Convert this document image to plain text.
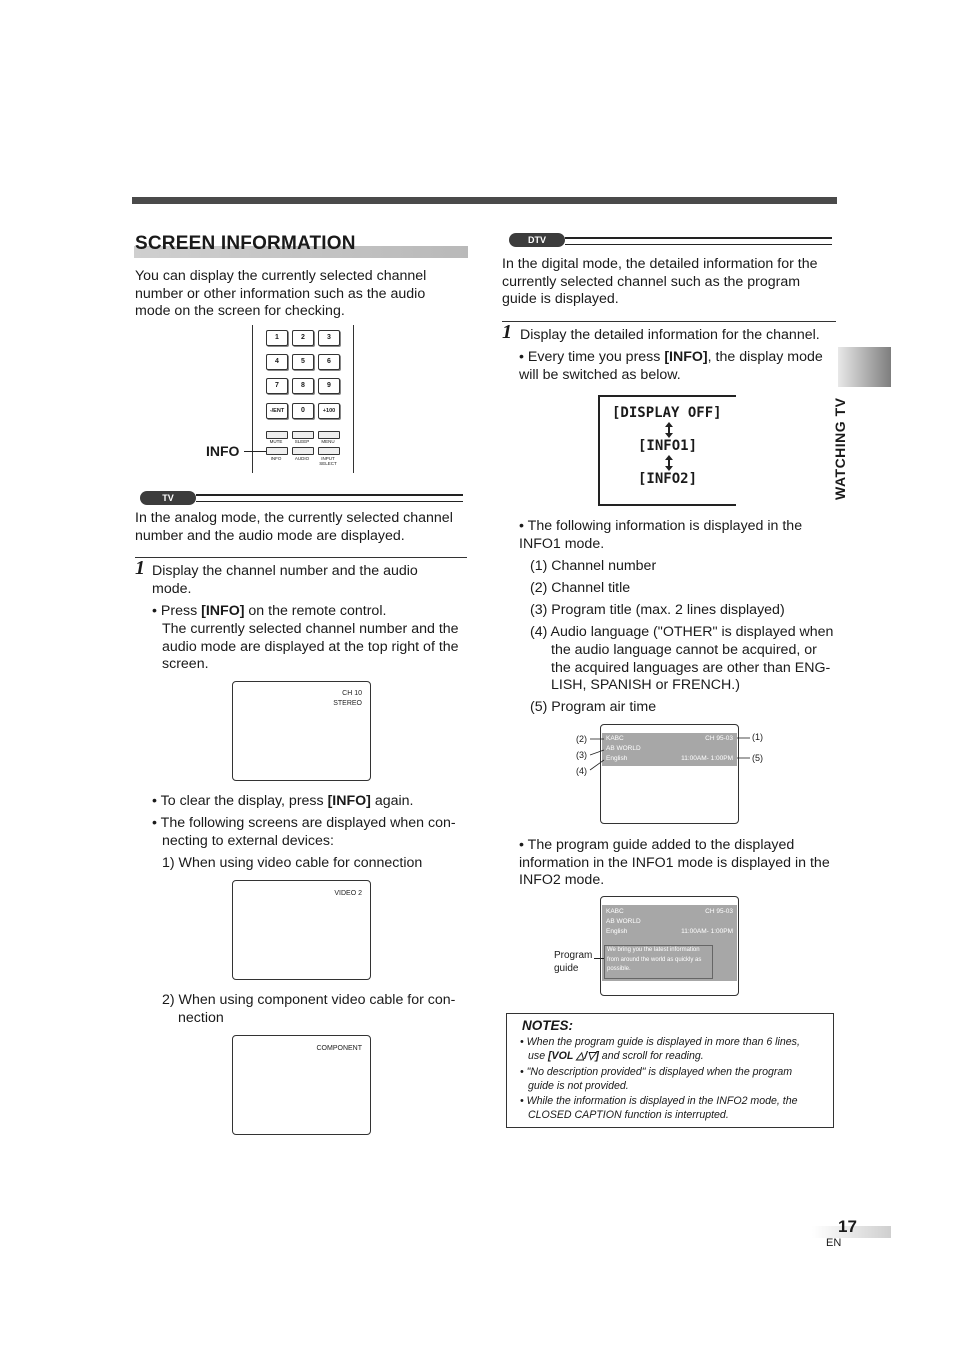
SCREEN INFORMATION

You can display the currently selected channel number or other information such as the audio mode on the screen for checking.

1	2	3
4	5	6
7	8	9
-/ENT	0	+100
MUTE	SLEEP	MENU
INFO	AUDIO	INPUT SELECT
INFO
TV

In the analog mode, the currently selected channel number and the audio mode are displayed.

1 Display the channel number and the audio mode.

• Press [INFO] on the remote control.

The currently selected channel number and the audio mode are displayed at the top right of the screen.

CH 10
STEREO

• To clear the display, press [INFO] again.

• The following screens are displayed when con-

necting to external devices:

1) When using video cable for connection

VIDEO 2

2) When using component video cable for con-

nection

COMPONENT
DTV

In the digital mode, the detailed information for the currently selected channel such as the program guide is displayed.

1 Display the detailed information for the channel.

• Every time you press [INFO], the display mode will be switched as below.

[DISPLAY OFF]
[INFO1]
[INFO2]

• The following information is displayed in the INFO1 mode.

(1) Channel number

(2) Channel title

(3) Program title (max. 2 lines displayed)

(4) Audio language ("OTHER" is displayed when

the audio language cannot be acquired, or

the acquired languages are other than ENG-

LISH, SPANISH or FRENCH.)

(5) Program air time

KABC	CH 95-03
AB WORLD
English	11:00AM- 1:00PM
(2)
(3)
(4)
(1)
(5)

• The program guide added to the displayed information in the INFO1 mode is displayed in the INFO2 mode.

KABC	CH 95-03
AB WORLD
English	11:00AM- 1:00PM
We bring you the latest information
from around the world as quickly as
possible.
Program
guide
NOTES:
• When the program guide is displayed in more than 6 lines,
use [VOL △/▽] and scroll for reading.
• "No description provided" is displayed when the program
guide is not provided.
• While the information is displayed in the INFO2 mode, the
CLOSED CAPTION function is interrupted.
WATCHING TV
17
EN
